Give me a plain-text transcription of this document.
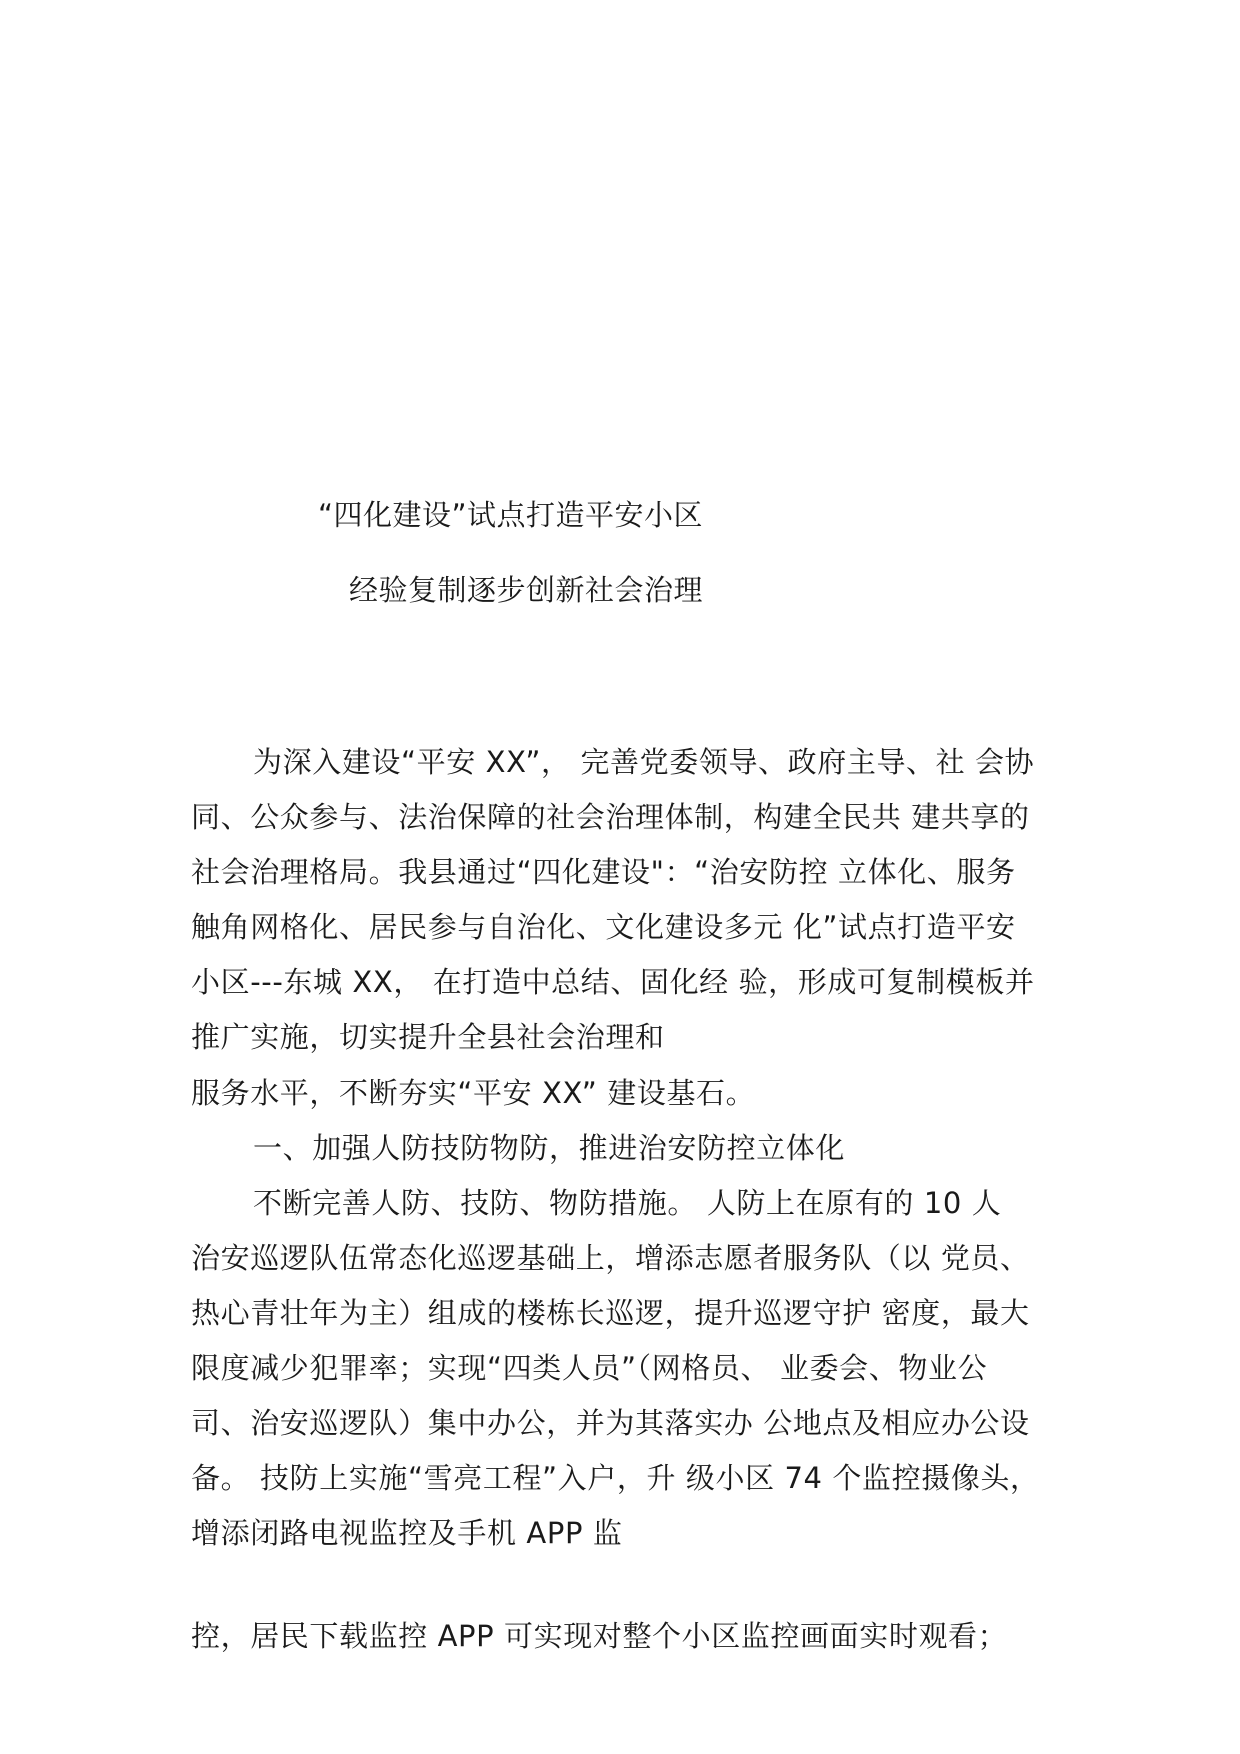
“四化建设”试点打造平安小区
经验复制逐步创新社会治理
为深入建设“平安 XX”， 完善党委领导、政府主导、社 会协
同、公众参与、法治保障的社会治理体制，构建全民共 建共享的
社会治理格局。我县通过“四化建设"：“治安防控 立体化、服务
触角网格化、居民参与自治化、文化建设多元 化”试点打造平安
小区---东城 XX， 在打造中总结、固化经 验，形成可复制模板并
推广实施，切实提升全县社会治理和
服务水平，不断夯实“平安 XX” 建设基石。
一、加强人防技防物防，推进治安防控立体化
不断完善人防、技防、物防措施。 人防上在原有的 10 人
治安巡逻队伍常态化巡逻基础上，增添志愿者服务队（以 党员、
热心青壮年为主）组成的楼栋长巡逻，提升巡逻守护 密度，最大
限度减少犯罪率；实现“四类人员”（网格员、 业委会、物业公
司、治安巡逻队）集中办公，并为其落实办 公地点及相应办公设
备。 技防上实施“雪亮工程”入户，升 级小区 74 个监控摄像头，
增添闭路电视监控及手机 APP 监
控，居民下载监控 APP 可实现对整个小区监控画面实时观看；
